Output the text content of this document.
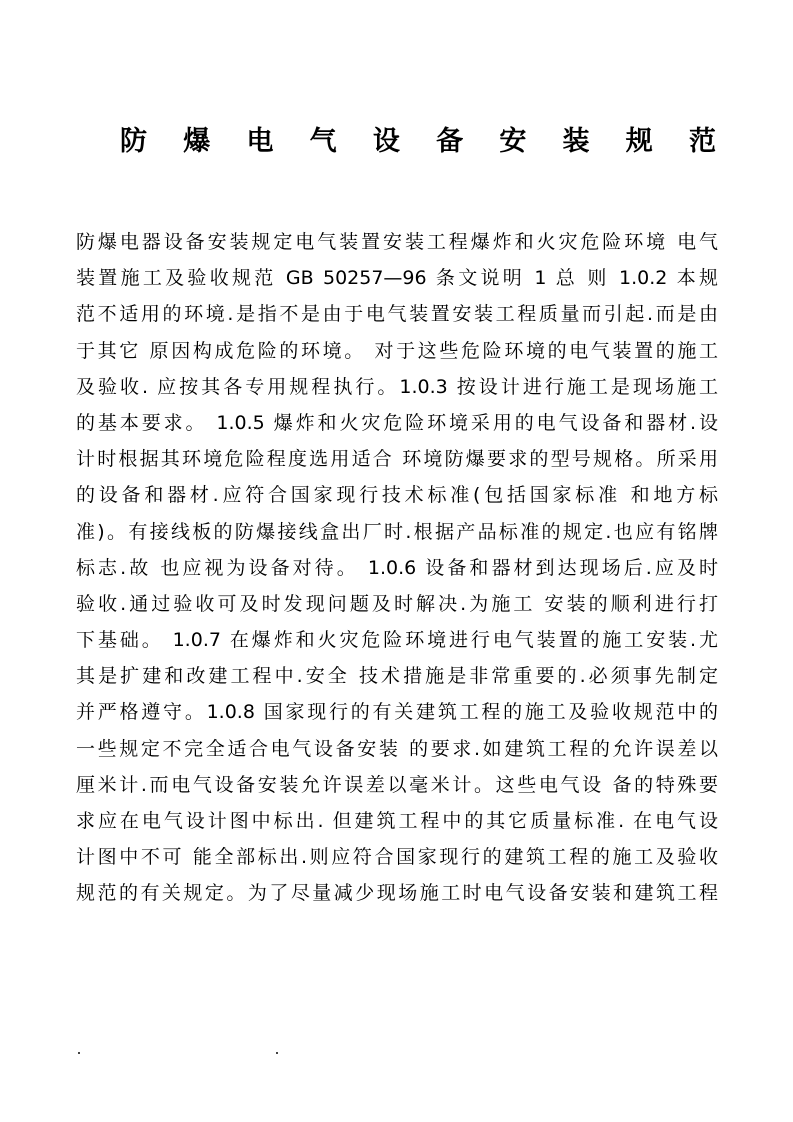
防 爆 电 气 设 备 安 装 规 范
防爆电器设备安装规定电气装置安装工程爆炸和火灾危险环境 电气
装置施工及验收规范 GB 50257—96 条文说明 1 总 则 1.0.2 本规
范不适用的环境.是指不是由于电气装置安装工程质量而引起.而是由
于其它 原因构成危险的环境。 对于这些危险环境的电气装置的施工
及验收. 应按其各专用规程执行。1.0.3 按设计进行施工是现场施工
的基本要求。 1.0.5 爆炸和火灾危险环境采用的电气设备和器材.设
计时根据其环境危险程度选用适合 环境防爆要求的型号规格。所采用
的设备和器材.应符合国家现行技术标准(包括国家标准 和地方标
准)。有接线板的防爆接线盒出厂时.根据产品标准的规定.也应有铭牌
标志.故 也应视为设备对待。 1.0.6 设备和器材到达现场后.应及时
验收.通过验收可及时发现问题及时解决.为施工 安装的顺利进行打
下基础。 1.0.7 在爆炸和火灾危险环境进行电气装置的施工安装.尤
其是扩建和改建工程中.安全 技术措施是非常重要的.必须事先制定
并严格遵守。1.0.8 国家现行的有关建筑工程的施工及验收规范中的
一些规定不完全适合电气设备安装 的要求.如建筑工程的允许误差以
厘米计.而电气设备安装允许误差以毫米计。这些电气设 备的特殊要
求应在电气设计图中标出. 但建筑工程中的其它质量标准. 在电气设
计图中不可 能全部标出.则应符合国家现行的建筑工程的施工及验收
规范的有关规定。为了尽量减少现场施工时电气设备安装和建筑工程
